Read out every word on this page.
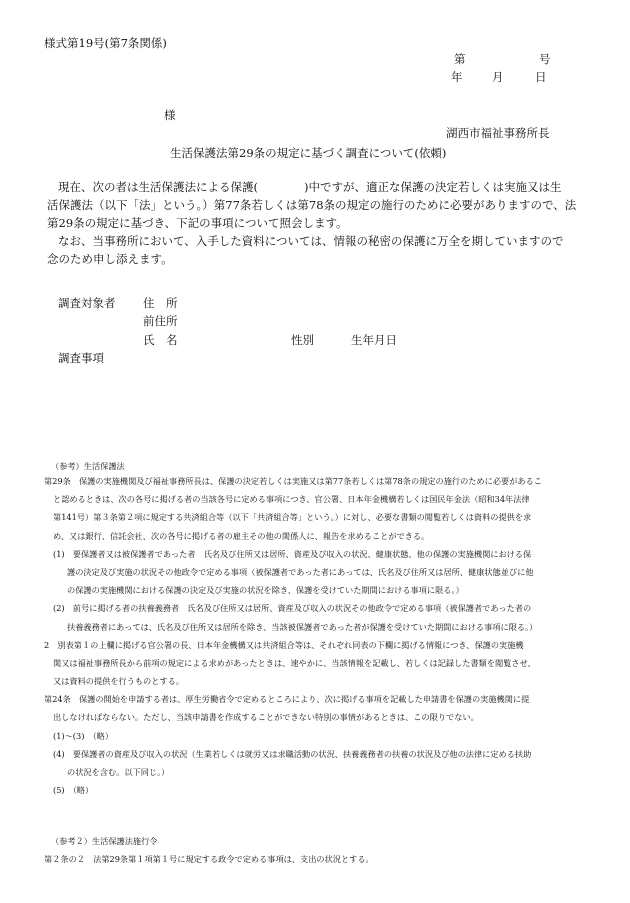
様式第19号(第7条関係)
第	号
年	月	日
様
湖西市福祉事務所長
生活保護法第29条の規定に基づく調査について(依頼)
現在、次の者は生活保護法による保護(　　　　)中ですが、適正な保護の決定若しくは実施又は生
活保護法（以下「法」という。）第77条若しくは第78条の規定の施行のために必要がありますので、法
第29条の規定に基づき、下記の事項について照会します。
なお、当事務所において、入手した資料については、情報の秘密の保護に万全を期していますので
念のため申し添えます。
調査対象者 住　所
前住所
氏　名	性別	生年月日
調査事項
（参考）生活保護法
第29条　保護の実施機関及び福祉事務所長は、保護の決定若しくは実施又は第77条若しくは第78条の規定の施行のために必要があるこ
と認めるときは、次の各号に掲げる者の当該各号に定める事項につき、官公署、日本年金機構若しくは国民年金法（昭和34年法律
第141号）第３条第２項に規定する共済組合等（以下「共済組合等」という。）に対し、必要な書類の閲覧若しくは資料の提供を求
め、又は銀行、信託会社、次の各号に掲げる者の雇主その他の関係人に、報告を求めることができる。
(1)　要保護者又は被保護者であった者　氏名及び住所又は居所、資産及び収入の状況、健康状態、他の保護の実施機関における保
護の決定及び実施の状況その他政令で定める事項（被保護者であった者にあっては、氏名及び住所又は居所、健康状態並びに他
の保護の実施機関における保護の決定及び実施の状況を除き、保護を受けていた期間における事項に限る。）
(2)　前号に掲げる者の扶養義務者　氏名及び住所又は居所、資産及び収入の状況その他政令で定める事項（被保護者であった者の
扶養義務者にあっては、氏名及び住所又は居所を除き、当該被保護者であった者が保護を受けていた期間における事項に限る。）
2　別表第１の上欄に掲げる官公署の長、日本年金機構又は共済組合等は、それぞれ同表の下欄に掲げる情報につき、保護の実施機
関又は福祉事務所長から前項の規定による求めがあったときは、速やかに、当該情報を記載し、若しくは記録した書類を閲覧させ、
又は資料の提供を行うものとする。
第24条　保護の開始を申請する者は、厚生労働省令で定めるところにより、次に掲げる事項を記載した申請書を保護の実施機関に提
出しなければならない。ただし、当該申請書を作成することができない特別の事情があるときは、この限りでない。
(1)〜(3)　（略）
(4)　要保護者の資産及び収入の状況（生業若しくは就労又は求職活動の状況、扶養義務者の扶養の状況及び他の法律に定める扶助
の状況を含む。以下同じ。）
(5)　（略）
（参考２）生活保護法施行令
第２条の２　法第29条第１項第１号に規定する政令で定める事項は、支出の状況とする。
